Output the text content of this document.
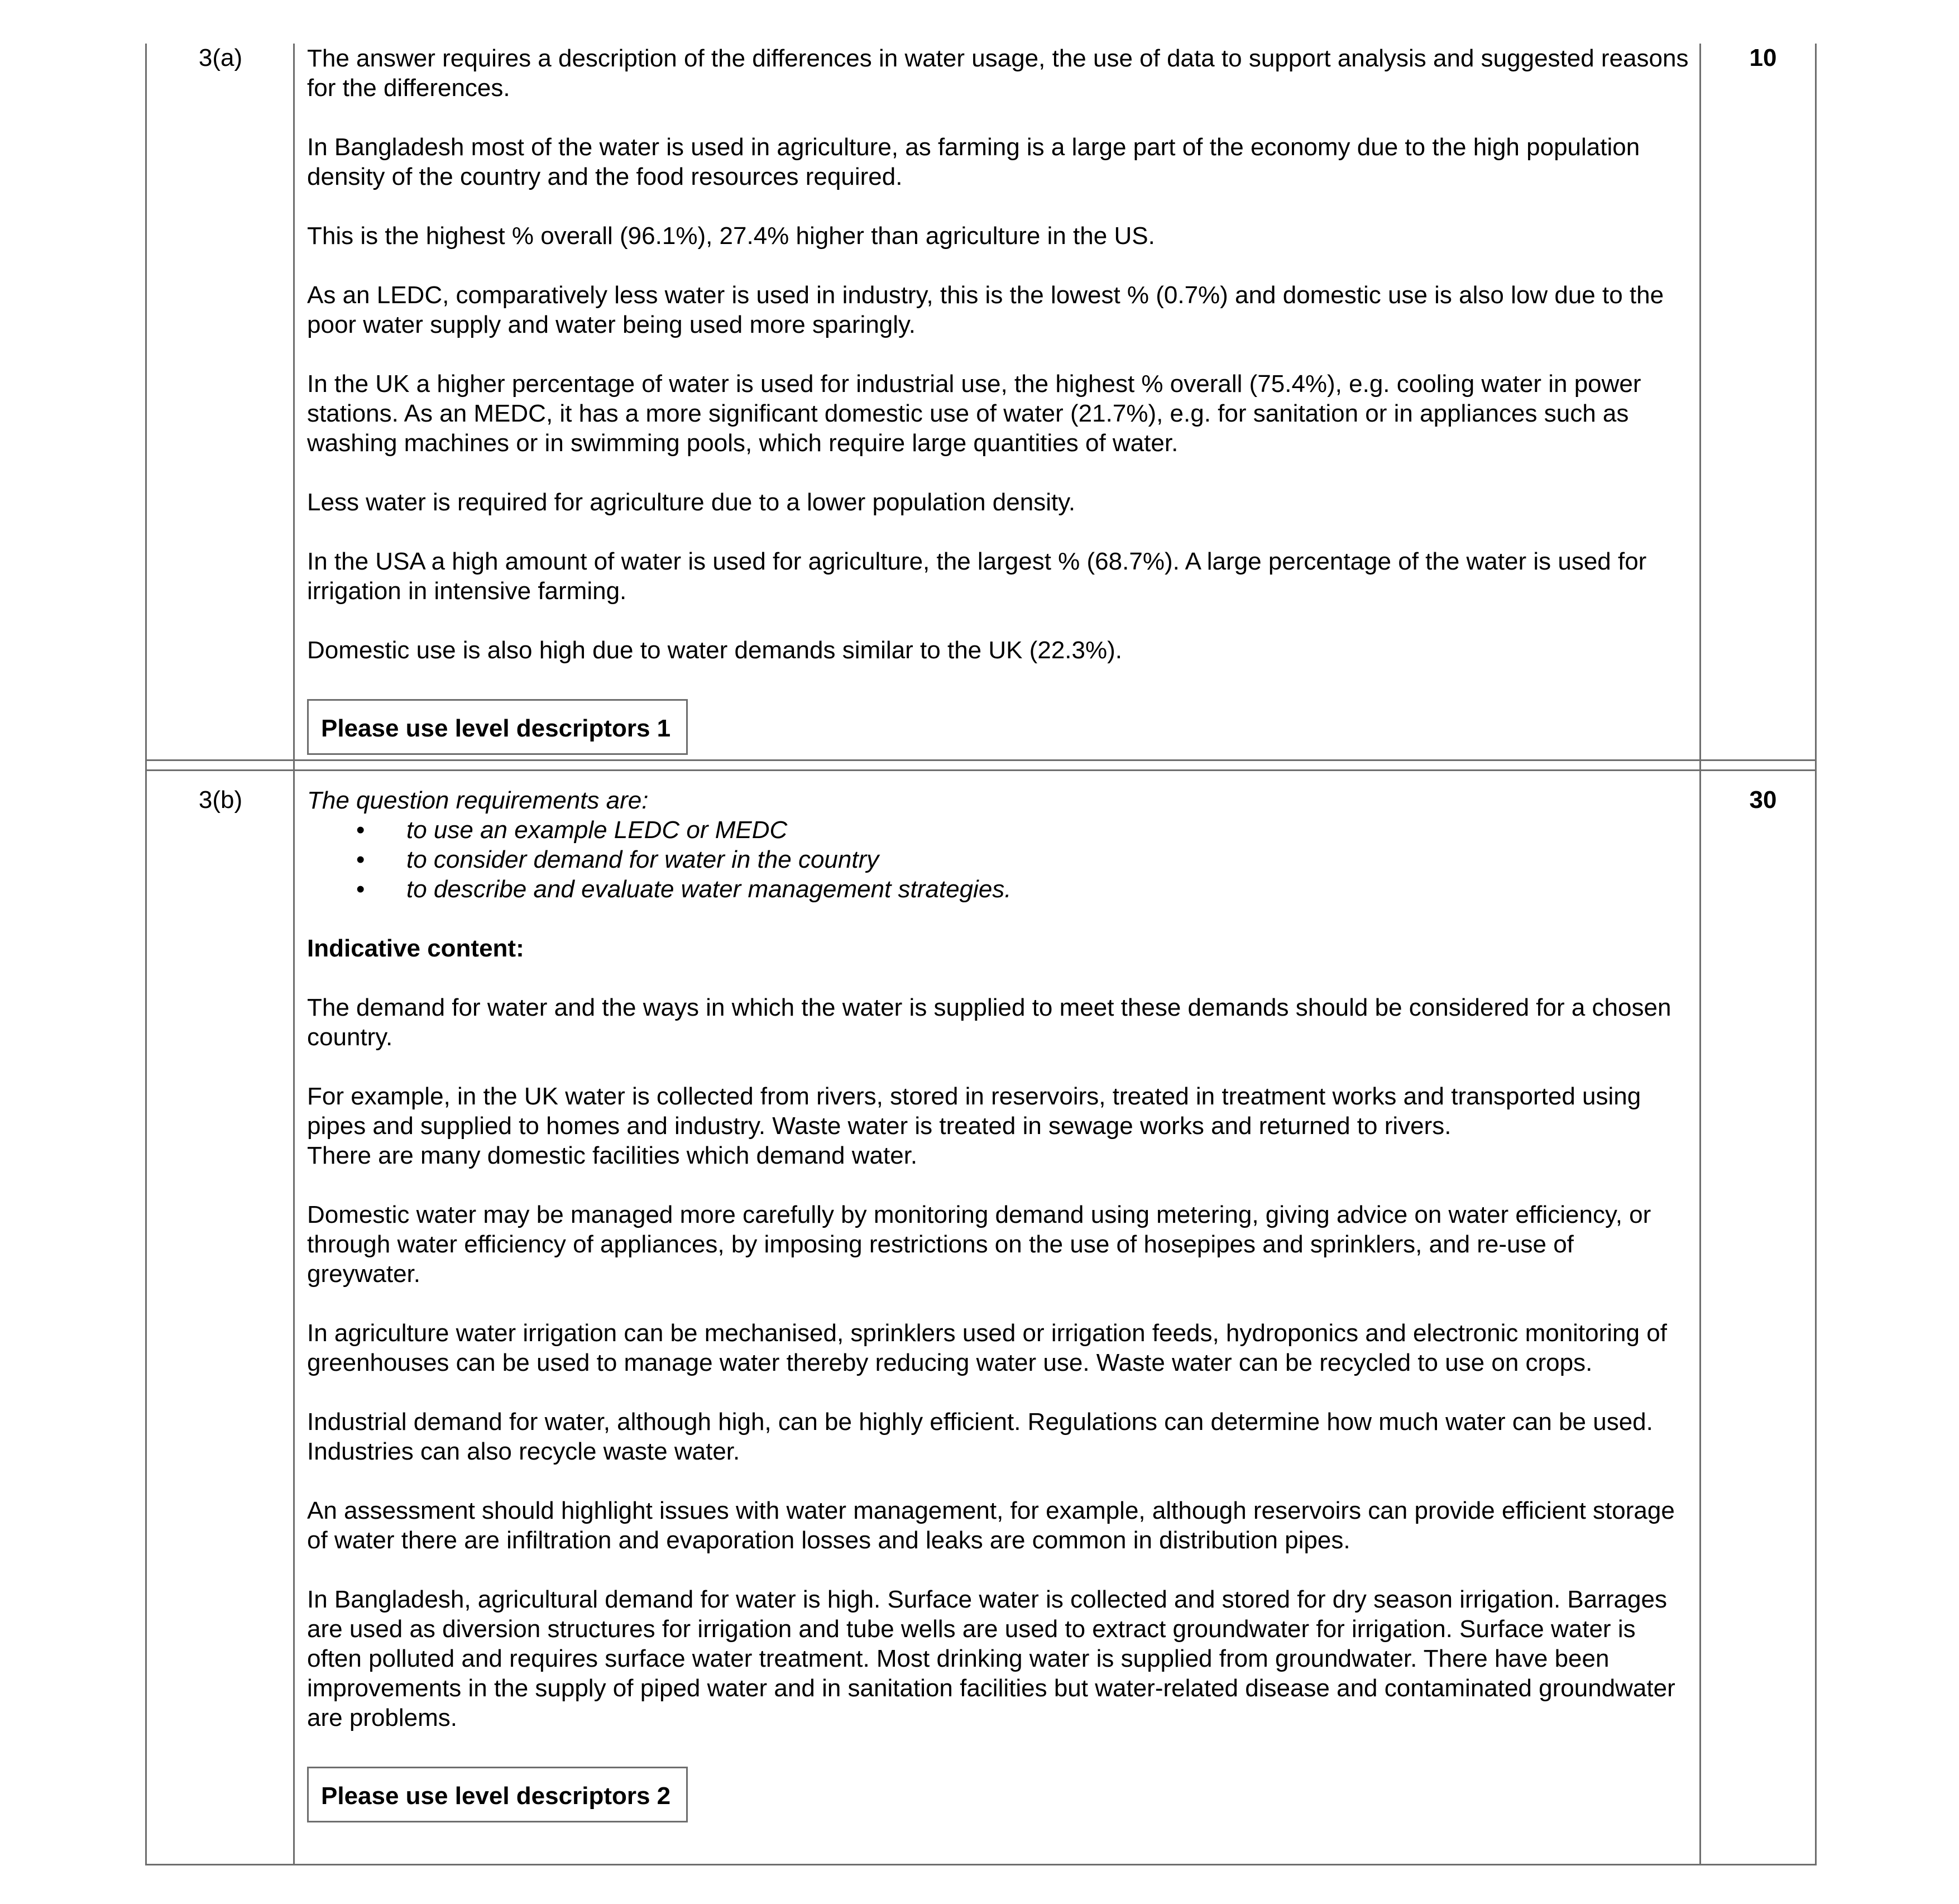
3(a)	10

The answer requires a description of the differences in water usage, the use of data to support analysis and suggested reasons for the differences.

In Bangladesh most of the water is used in agriculture, as farming is a large part of the economy due to the high population density of the country and the food resources required.

This is the highest % overall (96.1%), 27.4% higher than agriculture in the US.

As an LEDC, comparatively less water is used in industry, this is the lowest % (0.7%) and domestic use is also low due to the poor water supply and water being used more sparingly.

In the UK a higher percentage of water is used for industrial use, the highest % overall (75.4%), e.g. cooling water in power stations. As an MEDC, it has a more significant domestic use of water (21.7%), e.g. for sanitation or in appliances such as washing machines or in swimming pools, which require large quantities of water.

Less water is required for agriculture due to a lower population density.

In the USA a high amount of water is used for agriculture, the largest % (68.7%). A large percentage of the water is used for irrigation in intensive farming.

Domestic use is also high due to water demands similar to the UK (22.3%).

Please use level descriptors 1
3(b)	30

The question requirements are:

• to use an example LEDC or MEDC
• to consider demand for water in the country
• to describe and evaluate water management strategies.

Indicative content:

The demand for water and the ways in which the water is supplied to meet these demands should be considered for a chosen country.

For example, in the UK water is collected from rivers, stored in reservoirs, treated in treatment works and transported using pipes and supplied to homes and industry. Waste water is treated in sewage works and returned to rivers.

There are many domestic facilities which demand water.

Domestic water may be managed more carefully by monitoring demand using metering, giving advice on water efficiency, or through water efficiency of appliances, by imposing restrictions on the use of hosepipes and sprinklers, and re-use of greywater.

In agriculture water irrigation can be mechanised, sprinklers used or irrigation feeds, hydroponics and electronic monitoring of greenhouses can be used to manage water thereby reducing water use. Waste water can be recycled to use on crops.

Industrial demand for water, although high, can be highly efficient. Regulations can determine how much water can be used. Industries can also recycle waste water.

An assessment should highlight issues with water management, for example, although reservoirs can provide efficient storage of water there are infiltration and evaporation losses and leaks are common in distribution pipes.

In Bangladesh, agricultural demand for water is high. Surface water is collected and stored for dry season irrigation. Barrages are used as diversion structures for irrigation and tube wells are used to extract groundwater for irrigation. Surface water is often polluted and requires surface water treatment. Most drinking water is supplied from groundwater. There have been improvements in the supply of piped water and in sanitation facilities but water-related disease and contaminated groundwater are problems.

Please use level descriptors 2
